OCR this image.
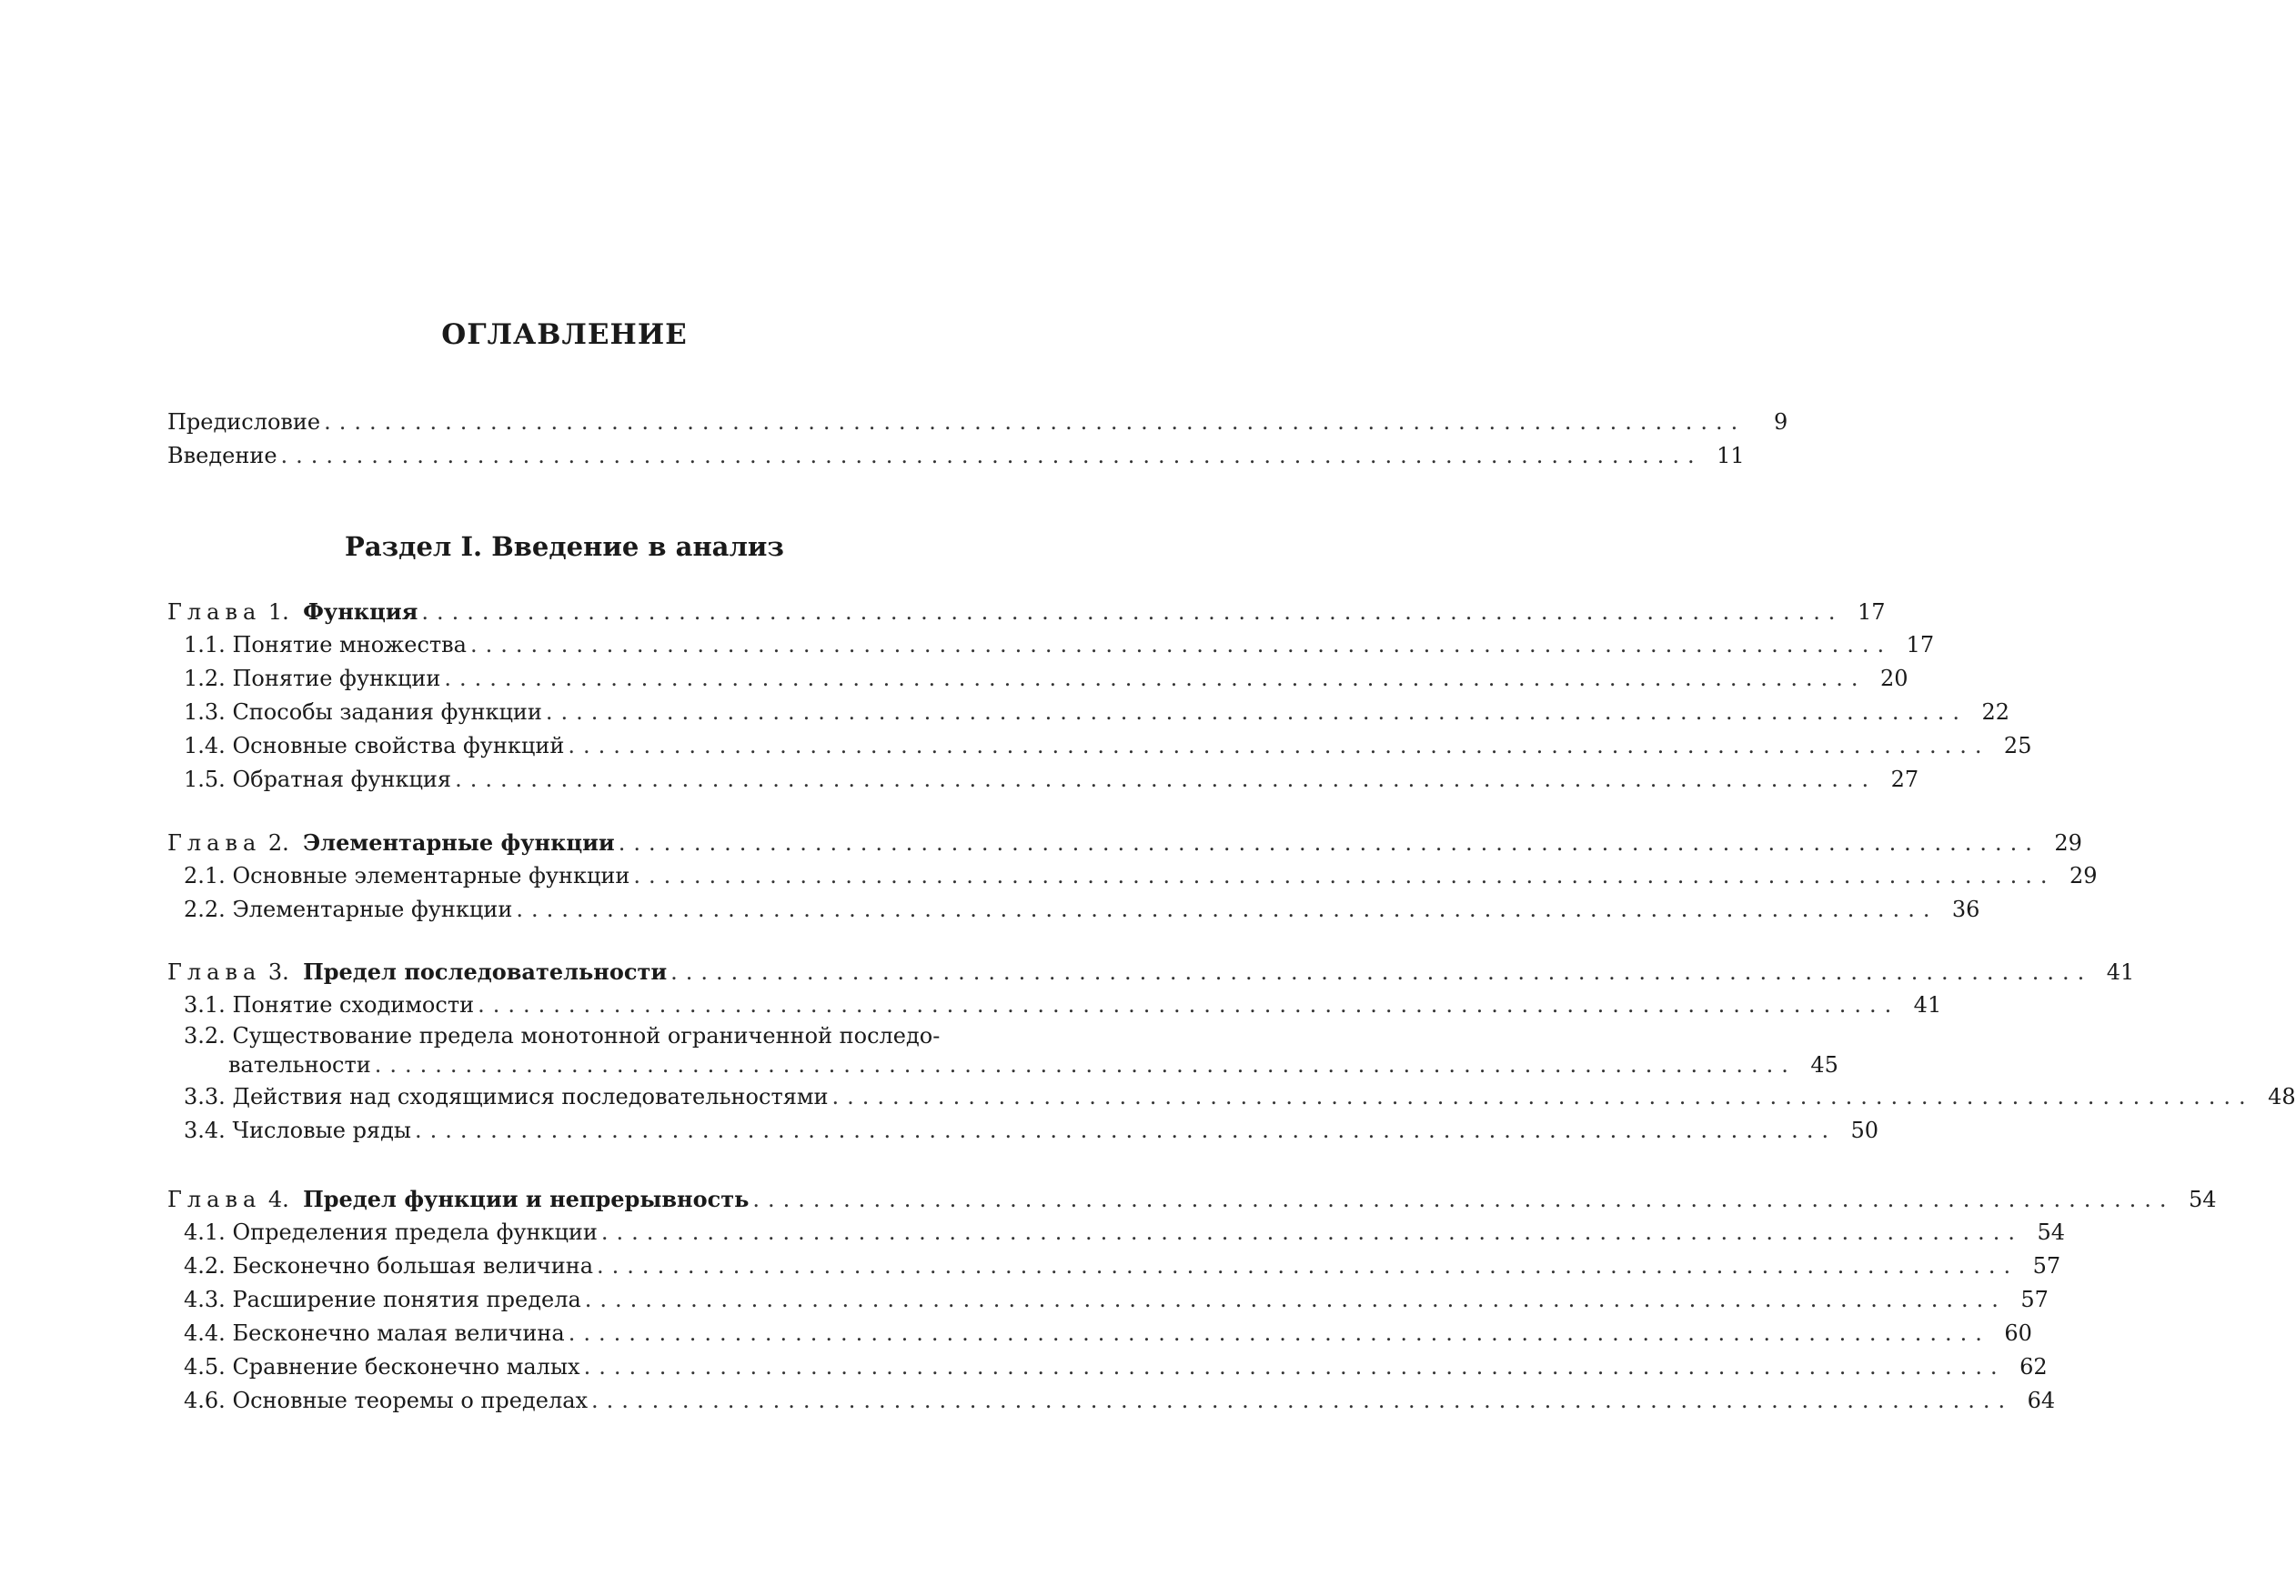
ОГЛАВЛЕНИЕ
Предисловие ..............................................................................................	9
Введение .............................................................................................. 11
Раздел I. Введение в анализ
Глава 1. Функция .............................................................................................. 17
1.1. Понятие множества .............................................................................................. 17
1.2. Понятие функции .............................................................................................. 20
1.3. Способы задания функции .............................................................................................. 22
1.4. Основные свойства функций .............................................................................................. 25
1.5. Обратная функция .............................................................................................. 27
Глава 2. Элементарные функции .............................................................................................. 29
2.1. Основные элементарные функции .............................................................................................. 29
2.2. Элементарные функции .............................................................................................. 36
Глава 3. Предел последовательности .............................................................................................. 41
3.1. Понятие сходимости .............................................................................................. 41
3.2. Существование предела монотонной ограниченной последо-
вательности .............................................................................................. 45
3.3. Действия над сходящимися последовательностями .............................................................................................. 48
3.4. Числовые ряды .............................................................................................. 50
Глава 4. Предел функции и непрерывность .............................................................................................. 54
4.1. Определения предела функции .............................................................................................. 54
4.2. Бесконечно большая величина .............................................................................................. 57
4.3. Расширение понятия предела .............................................................................................. 57
4.4. Бесконечно малая величина .............................................................................................. 60
4.5. Сравнение бесконечно малых .............................................................................................. 62
4.6. Основные теоремы о пределах .............................................................................................. 64
